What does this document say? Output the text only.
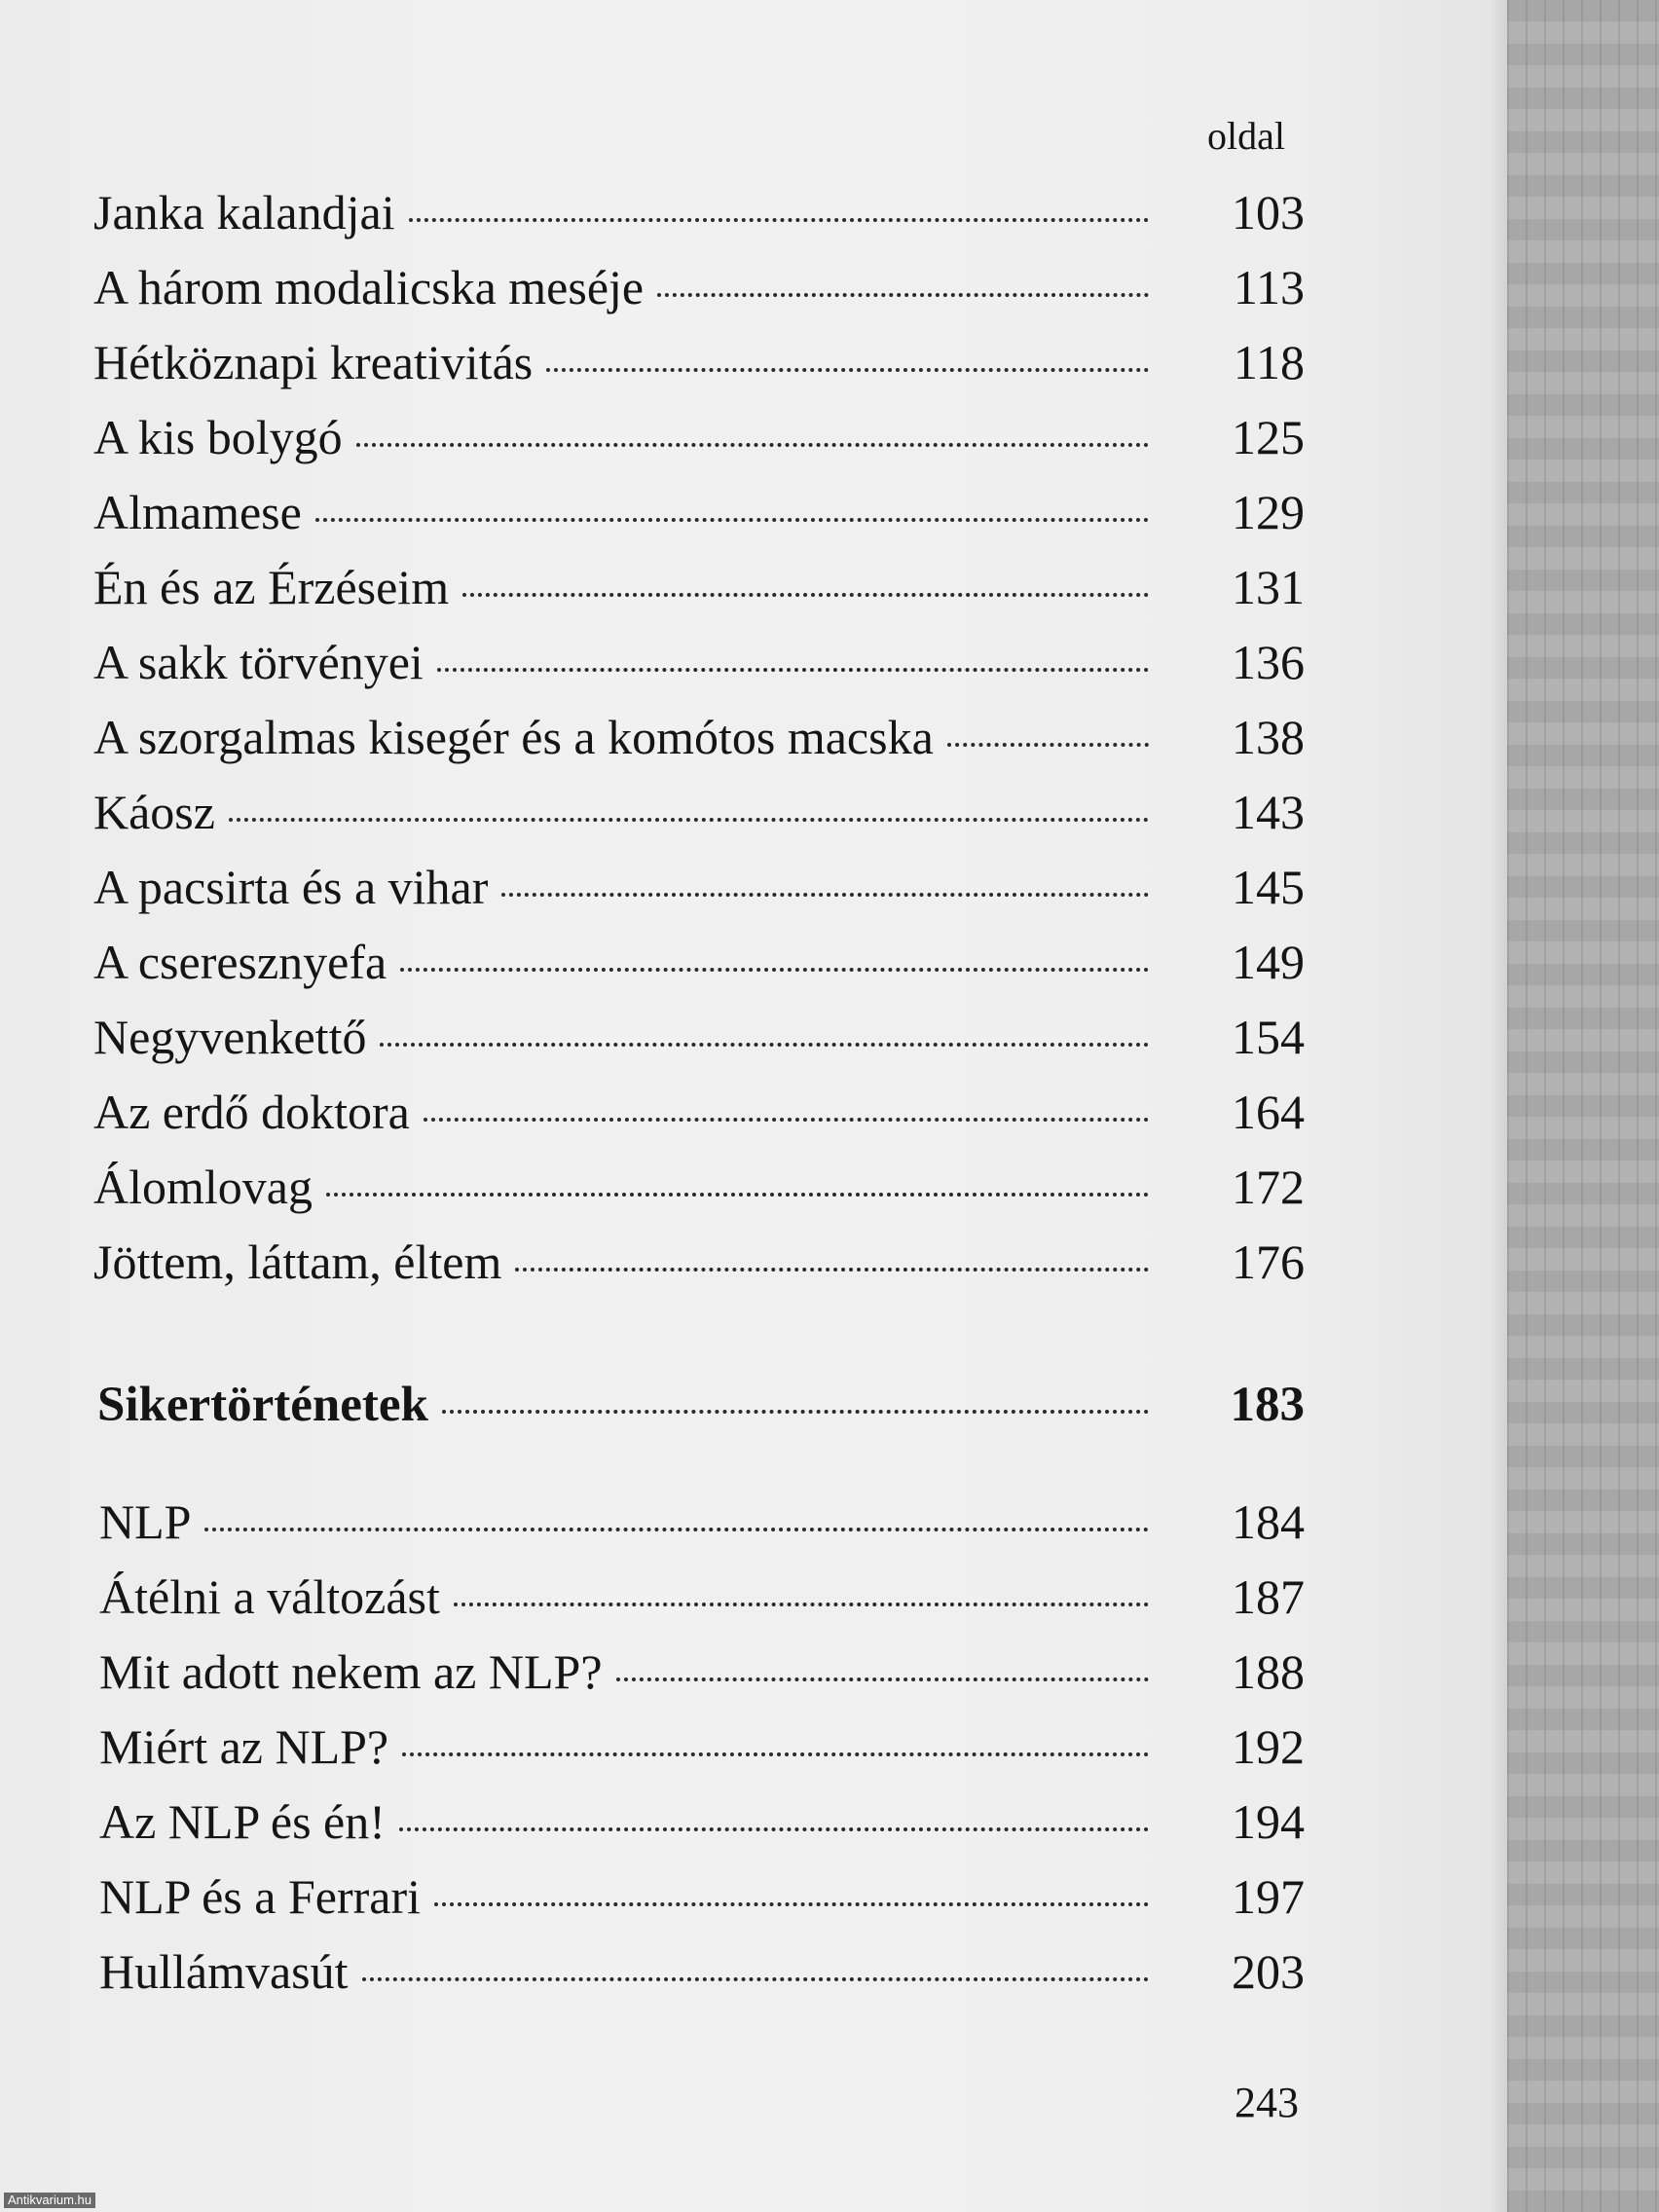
oldal
Janka kalandjai	103
A három modalicska meséje	113
Hétköznapi kreativitás	118
A kis bolygó	125
Almamese	129
Én és az Érzéseim	131
A sakk törvényei	136
A szorgalmas kisegér és a komótos macska	138
Káosz	143
A pacsirta és a vihar	145
A cseresznyefa	149
Negyvenkettő	154
Az erdő doktora	164
Álomlovag	172
Jöttem, láttam, éltem	176
Sikertörténetek	183
NLP	184
Átélni a változást	187
Mit adott nekem az NLP?	188
Miért az NLP?	192
Az NLP és én!	194
NLP és a Ferrari	197
Hullámvasút	203
243
Antikvarium.hu
